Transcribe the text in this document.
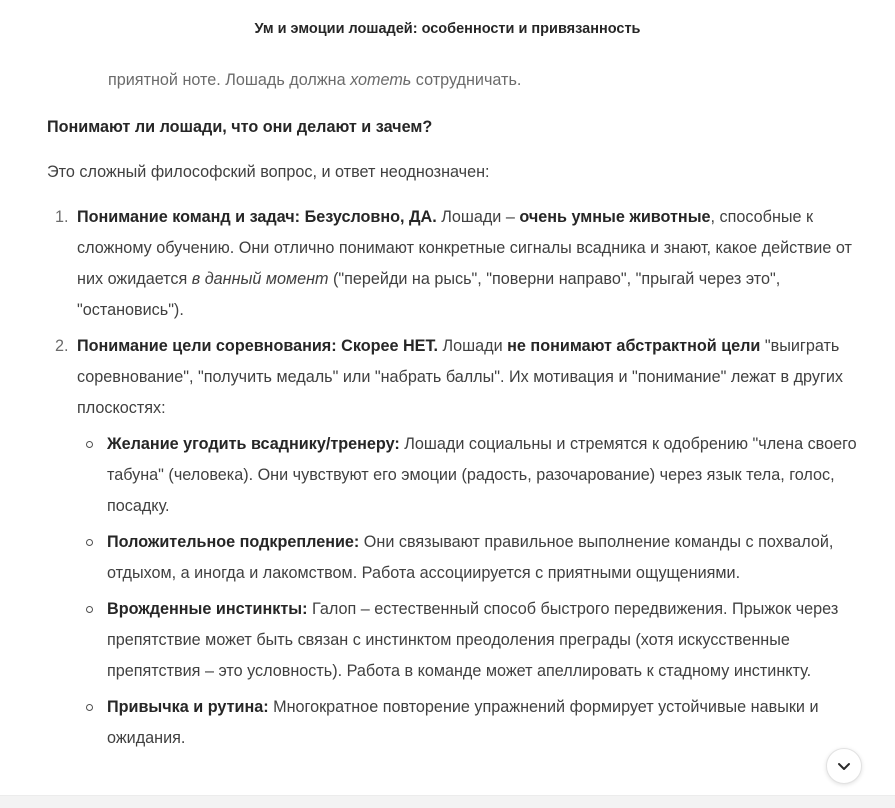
Ум и эмоции лошадей: особенности и привязанность
приятной ноте. Лошадь должна хотеть сотрудничать.
Понимают ли лошади, что они делают и зачем?
Это сложный философский вопрос, и ответ неоднозначен:
1. Понимание команд и задач: Безусловно, ДА. Лошади – очень умные животные, способные к сложному обучению. Они отлично понимают конкретные сигналы всадника и знают, какое действие от них ожидается в данный момент ("перейди на рысь", "поверни направо", "прыгай через это", "остановись").
2. Понимание цели соревнования: Скорее НЕТ. Лошади не понимают абстрактной цели "выиграть соревнование", "получить медаль" или "набрать баллы". Их мотивация и "понимание" лежат в других плоскостях:
Желание угодить всаднику/тренеру: Лошади социальны и стремятся к одобрению "члена своего табуна" (человека). Они чувствуют его эмоции (радость, разочарование) через язык тела, голос, посадку.
Положительное подкрепление: Они связывают правильное выполнение команды с похвалой, отдыхом, а иногда и лакомством. Работа ассоциируется с приятными ощущениями.
Врожденные инстинкты: Галоп – естественный способ быстрого передвижения. Прыжок через препятствие может быть связан с инстинктом преодоления преграды (хотя искусственные препятствия – это условность). Работа в команде может апеллировать к стадному инстинкту.
Привычка и рутина: Многократное повторение упражнений формирует устойчивые навыки и ожидания.
